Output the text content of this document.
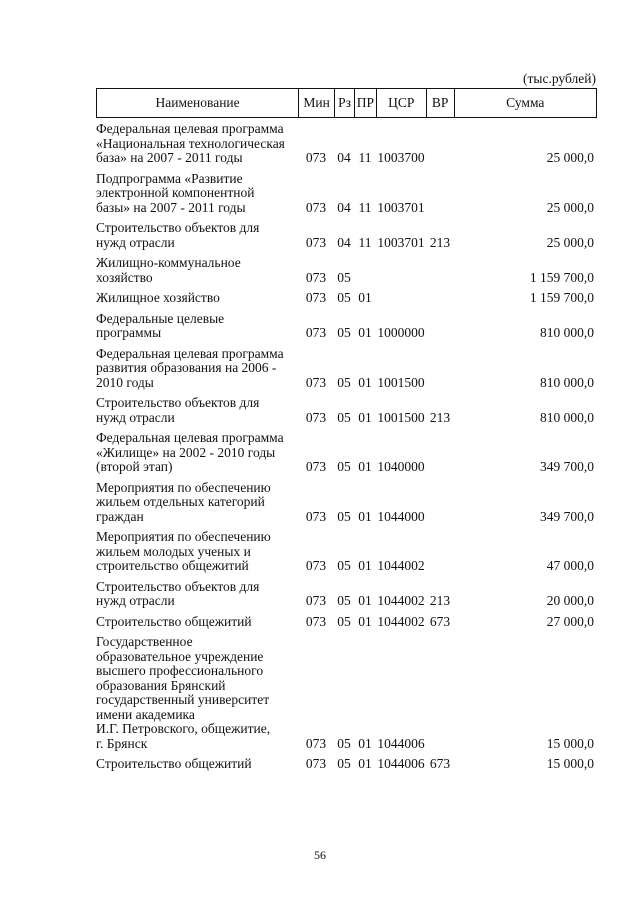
(тыс.рублей)
Наименование	Мин Рз ПР	ЦСР	ВР	Сумма
Федеральная целевая программа
«Национальная технологическая
база» на 2007 - 2011 годы	073 04 11 1003700	25 000,0
Подпрограмма «Развитие
электронной компонентной
базы» на 2007 - 2011 годы	073 04 11 1003701	25 000,0
Строительство объектов для
нужд отрасли	073 04 11 1003701 213	25 000,0
Жилищно-коммунальное
хозяйство	073 05	1 159 700,0
Жилищное хозяйство	073 05 01	1 159 700,0
Федеральные целевые
программы	073 05 01 1000000	810 000,0
Федеральная целевая программа
развития образования на 2006 -
2010 годы	073 05 01 1001500	810 000,0
Строительство объектов для
нужд отрасли	073 05 01 1001500 213	810 000,0
Федеральная целевая программа
«Жилище» на 2002 - 2010 годы
(второй этап)	073 05 01 1040000	349 700,0
Мероприятия по обеспечению
жильем отдельных категорий
граждан	073 05 01 1044000	349 700,0
Мероприятия по обеспечению
жильем молодых ученых и
строительство общежитий	073 05 01 1044002	47 000,0
Строительство объектов для
нужд отрасли	073 05 01 1044002 213	20 000,0
Строительство общежитий	073 05 01 1044002 673	27 000,0
Государственное
образовательное учреждение
высшего профессионального
образования Брянский
государственный университет
имени академика
И.Г. Петровского, общежитие,
г. Брянск	073 05 01 1044006	15 000,0
Строительство общежитий	073 05 01 1044006 673	15 000,0
56
